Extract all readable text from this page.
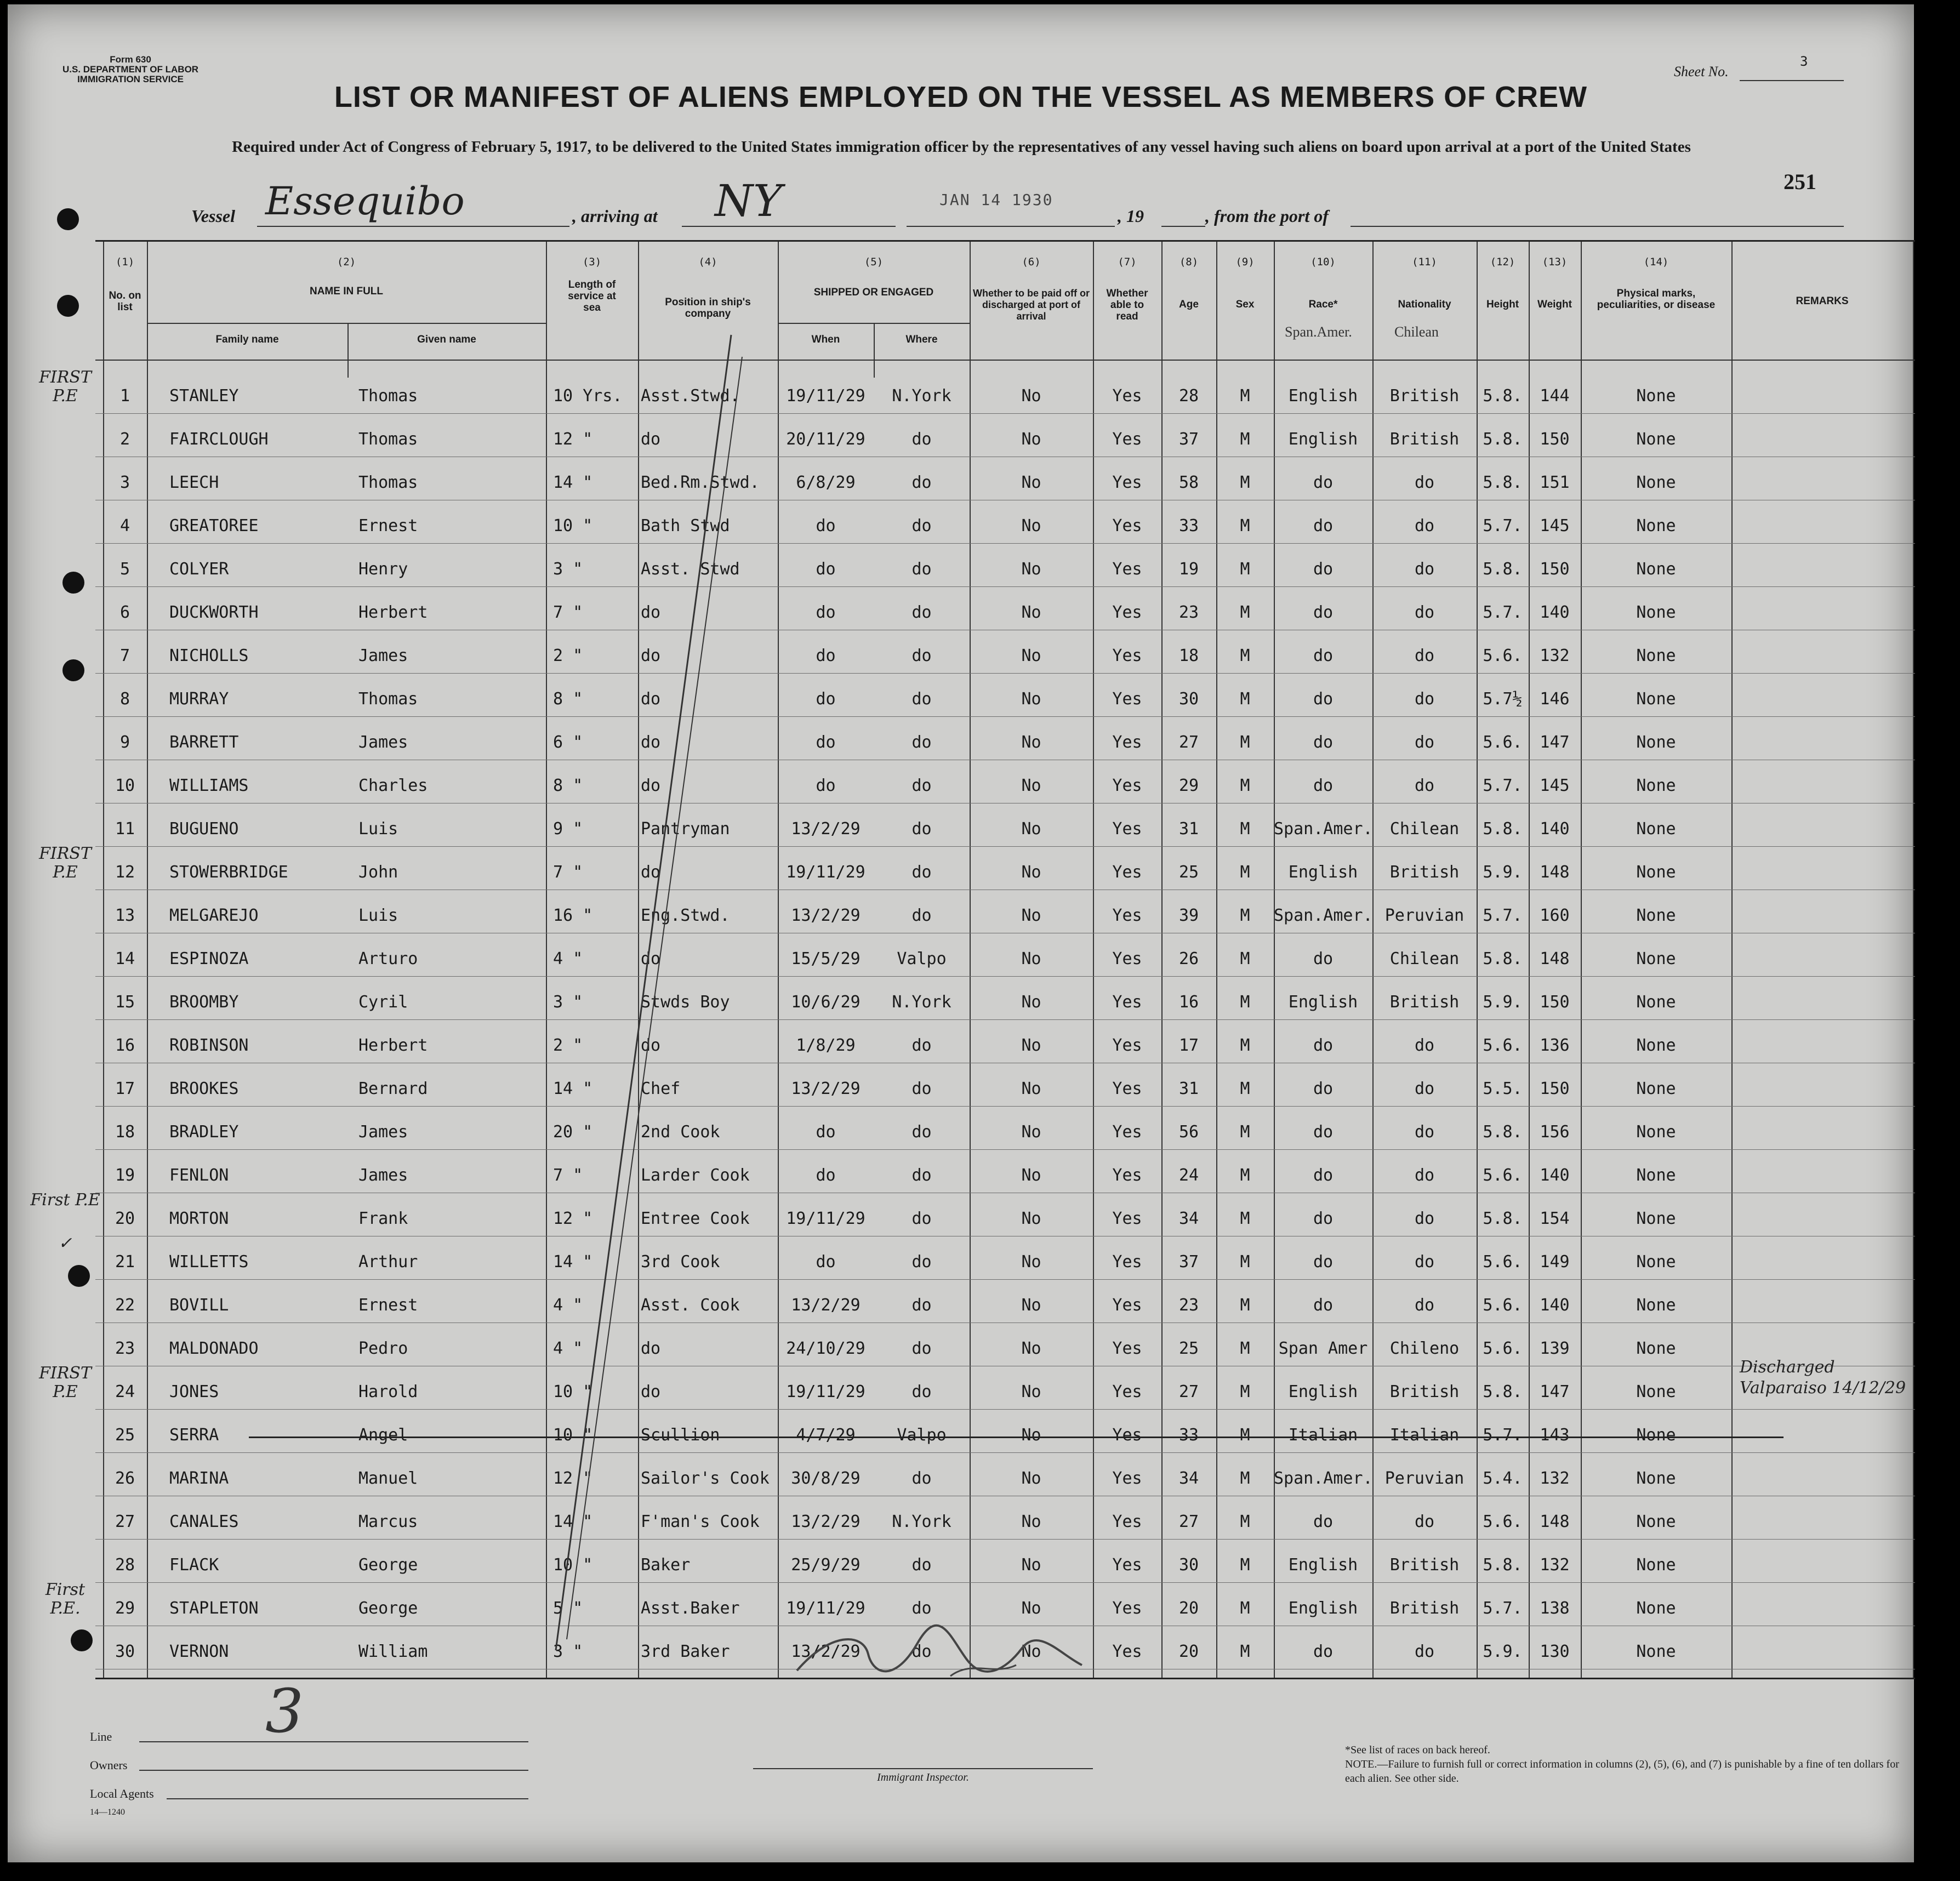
Form 630
U.S. DEPARTMENT OF LABOR
IMMIGRATION SERVICE	Sheet No.
3
LIST OR MANIFEST OF ALIENS EMPLOYED ON THE VESSEL AS MEMBERS OF CREW
Required under Act of Congress of February 5, 1917, to be delivered to the United States immigration officer by the representatives of any vessel having such aliens on board upon arrival at a port of the United States
251
Vessel Essequibo	, arriving at NY	JAN 14 1930
, 19	, from the port of
(1)	(2)	(3)	(4)	(5)	(6)	(7)	(8)	(9)	(10)	(11)	(12)	(13)	(14)
No. on list
NAME IN FULL
Family name	Given name
Length of service at sea	Position in ship's company
SHIPPED OR ENGAGED
When	Where
Whether to be paid off or discharged at port of arrival
Whether able to read
Age	Sex	Race*	Nationality	Height	Weight
Physical marks, peculiarities, or disease	REMARKS
1	STANLEY	Thomas	10 Yrs.	Asst.Stwd.	19/11/29	N.York	No	Yes	28	M	English	British	5.8.	144	None
2	FAIRCLOUGH	Thomas	12 "	do	20/11/29	do	No	Yes	37	M	English	British	5.8.	150	None
3	LEECH	Thomas	14 "	Bed.Rm.Stwd.	6/8/29	do	No	Yes	58	M	do	do	5.8.	151	None
4	GREATOREE	Ernest	10 "	Bath Stwd	do	do	No	Yes	33	M	do	do	5.7.	145	None
5	COLYER	Henry	3 "	Asst. Stwd	do	do	No	Yes	19	M	do	do	5.8.	150	None
6	DUCKWORTH	Herbert	7 "	do	do	do	No	Yes	23	M	do	do	5.7.	140	None
7	NICHOLLS	James	2 "	do	do	do	No	Yes	18	M	do	do	5.6.	132	None
8	MURRAY	Thomas	8 "	do	do	do	No	Yes	30	M	do	do	5.7½	146	None
9	BARRETT	James	6 "	do	do	do	No	Yes	27	M	do	do	5.6.	147	None
10	WILLIAMS	Charles	8 "	do	do	do	No	Yes	29	M	do	do	5.7.	145	None
11	BUGUENO	Luis	9 "	Pantryman	13/2/29	do	No	Yes	31	M	Span.Amer.	Chilean	5.8.	140	None
12	STOWERBRIDGE	John	7 "	do	19/11/29	do	No	Yes	25	M	English	British	5.9.	148	None
13	MELGAREJO	Luis	16 "	Eng.Stwd.	13/2/29	do	No	Yes	39	M	Span.Amer. Peruvian	5.7.	160	None
14	ESPINOZA	Arturo	4 "	do	15/5/29	Valpo	No	Yes	26	M	do	Chilean	5.8.	148	None
15	BROOMBY	Cyril	3 "	Stwds Boy	10/6/29	N.York	No	Yes	16	M	English	British	5.9.	150	None
16	ROBINSON	Herbert	2 "	do	1/8/29	do	No	Yes	17	M	do	do	5.6.	136	None
17	BROOKES	Bernard	14 "	Chef	13/2/29	do	No	Yes	31	M	do	do	5.5.	150	None
18	BRADLEY	James	20 "	2nd Cook	do	do	No	Yes	56	M	do	do	5.8.	156	None
19	FENLON	James	7 "	Larder Cook	do	do	No	Yes	24	M	do	do	5.6.	140	None
20	MORTON	Frank	12 "	Entree Cook	19/11/29	do	No	Yes	34	M	do	do	5.8.	154	None
21	WILLETTS	Arthur	14 "	3rd Cook	do	do	No	Yes	37	M	do	do	5.6.	149	None
22	BOVILL	Ernest	4 "	Asst. Cook	13/2/29	do	No	Yes	23	M	do	do	5.6.	140	None
23	MALDONADO	Pedro	4 "	do	24/10/29	do	No	Yes	25	M	Span Amer	Chileno	5.6.	139	None
24	JONES	Harold	10 "	do	19/11/29	do	No	Yes	27	M	English	British	5.8.	147	None
25	SERRA	Angel	10 "	Scullion	4/7/29	Valpo	No	Yes	33	M	Italian	Italian	5.7.	143	None
26	MARINA	Manuel	12 "	Sailor's Cook	30/8/29	do	No	Yes	34	M	Span.Amer. Peruvian	5.4.	132	None
27	CANALES	Marcus	14 "	F'man's Cook	13/2/29	N.York	No	Yes	27	M	do	do	5.6.	148	None
28	FLACK	George	10 "	Baker	25/9/29	do	No	Yes	30	M	English	British	5.8.	132	None
29	STAPLETON	George	5 "	Asst.Baker	19/11/29	do	No	Yes	20	M	English	British	5.7.	138	None
30	VERNON	William	3 "	3rd Baker	13/2/29	do	No	Yes	20	M	do	do	5.9.	130	None
Span.Amer.	Chilean
Discharged Valparaiso 14/12/29
FIRST P.E
FIRST P.E
First P.E
✓
FIRST P.E
First P.E.
Line
Owners
Local Agents
14—1240
3
Immigrant Inspector.
*See list of races on back hereof.
NOTE.—Failure to furnish full or correct information in columns (2), (5), (6), and (7) is punishable by a fine of ten dollars for each alien. See other side.
